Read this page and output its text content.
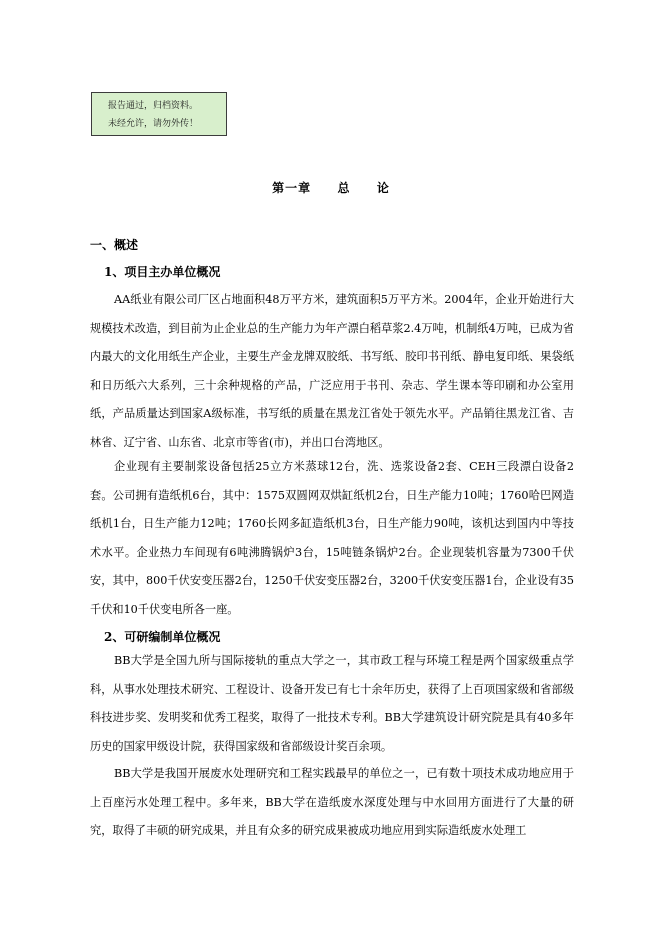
报告通过，归档资料。
未经允许，请勿外传！
第一章  总  论
一、概述
1、项目主办单位概况

AA纸业有限公司厂区占地面积48万平方米，建筑面积5万平方米。2004年，企业开始进行大规模技术改造，到目前为止企业总的生产能力为年产漂白稻草浆2.4万吨，机制纸4万吨，已成为省内最大的文化用纸生产企业，主要生产金龙牌双胶纸、书写纸、胶印书刊纸、静电复印纸、果袋纸和日历纸六大系列，三十余种规格的产品，广泛应用于书刊、杂志、学生课本等印刷和办公室用纸，产品质量达到国家A级标准，书写纸的质量在黑龙江省处于领先水平。产品销往黑龙江省、吉林省、辽宁省、山东省、北京市等省(市)，并出口台湾地区。

企业现有主要制浆设备包括25立方米蒸球12台，洗、选浆设备2套、CEH三段漂白设备2套。公司拥有造纸机6台，其中：1575双圆网双烘缸纸机2台，日生产能力10吨；1760哈巴网造纸机1台，日生产能力12吨；1760长网多缸造纸机3台，日生产能力90吨，该机达到国内中等技术水平。企业热力车间现有6吨沸腾锅炉3台，15吨链条锅炉2台。企业现装机容量为7300千伏安，其中，800千伏安变压器2台，1250千伏安变压器2台，3200千伏安变压器1台，企业设有35千伏和10千伏变电所各一座。

2、可研编制单位概况

BB大学是全国九所与国际接轨的重点大学之一，其市政工程与环境工程是两个国家级重点学科，从事水处理技术研究、工程设计、设备开发已有七十余年历史，获得了上百项国家级和省部级科技进步奖、发明奖和优秀工程奖，取得了一批技术专利。BB大学建筑设计研究院是具有40多年历史的国家甲级设计院，获得国家级和省部级设计奖百余项。

BB大学是我国开展废水处理研究和工程实践最早的单位之一，已有数十项技术成功地应用于上百座污水处理工程中。多年来，BB大学在造纸废水深度处理与中水回用方面进行了大量的研究，取得了丰硕的研究成果，并且有众多的研究成果被成功地应用到实际造纸废水处理工
